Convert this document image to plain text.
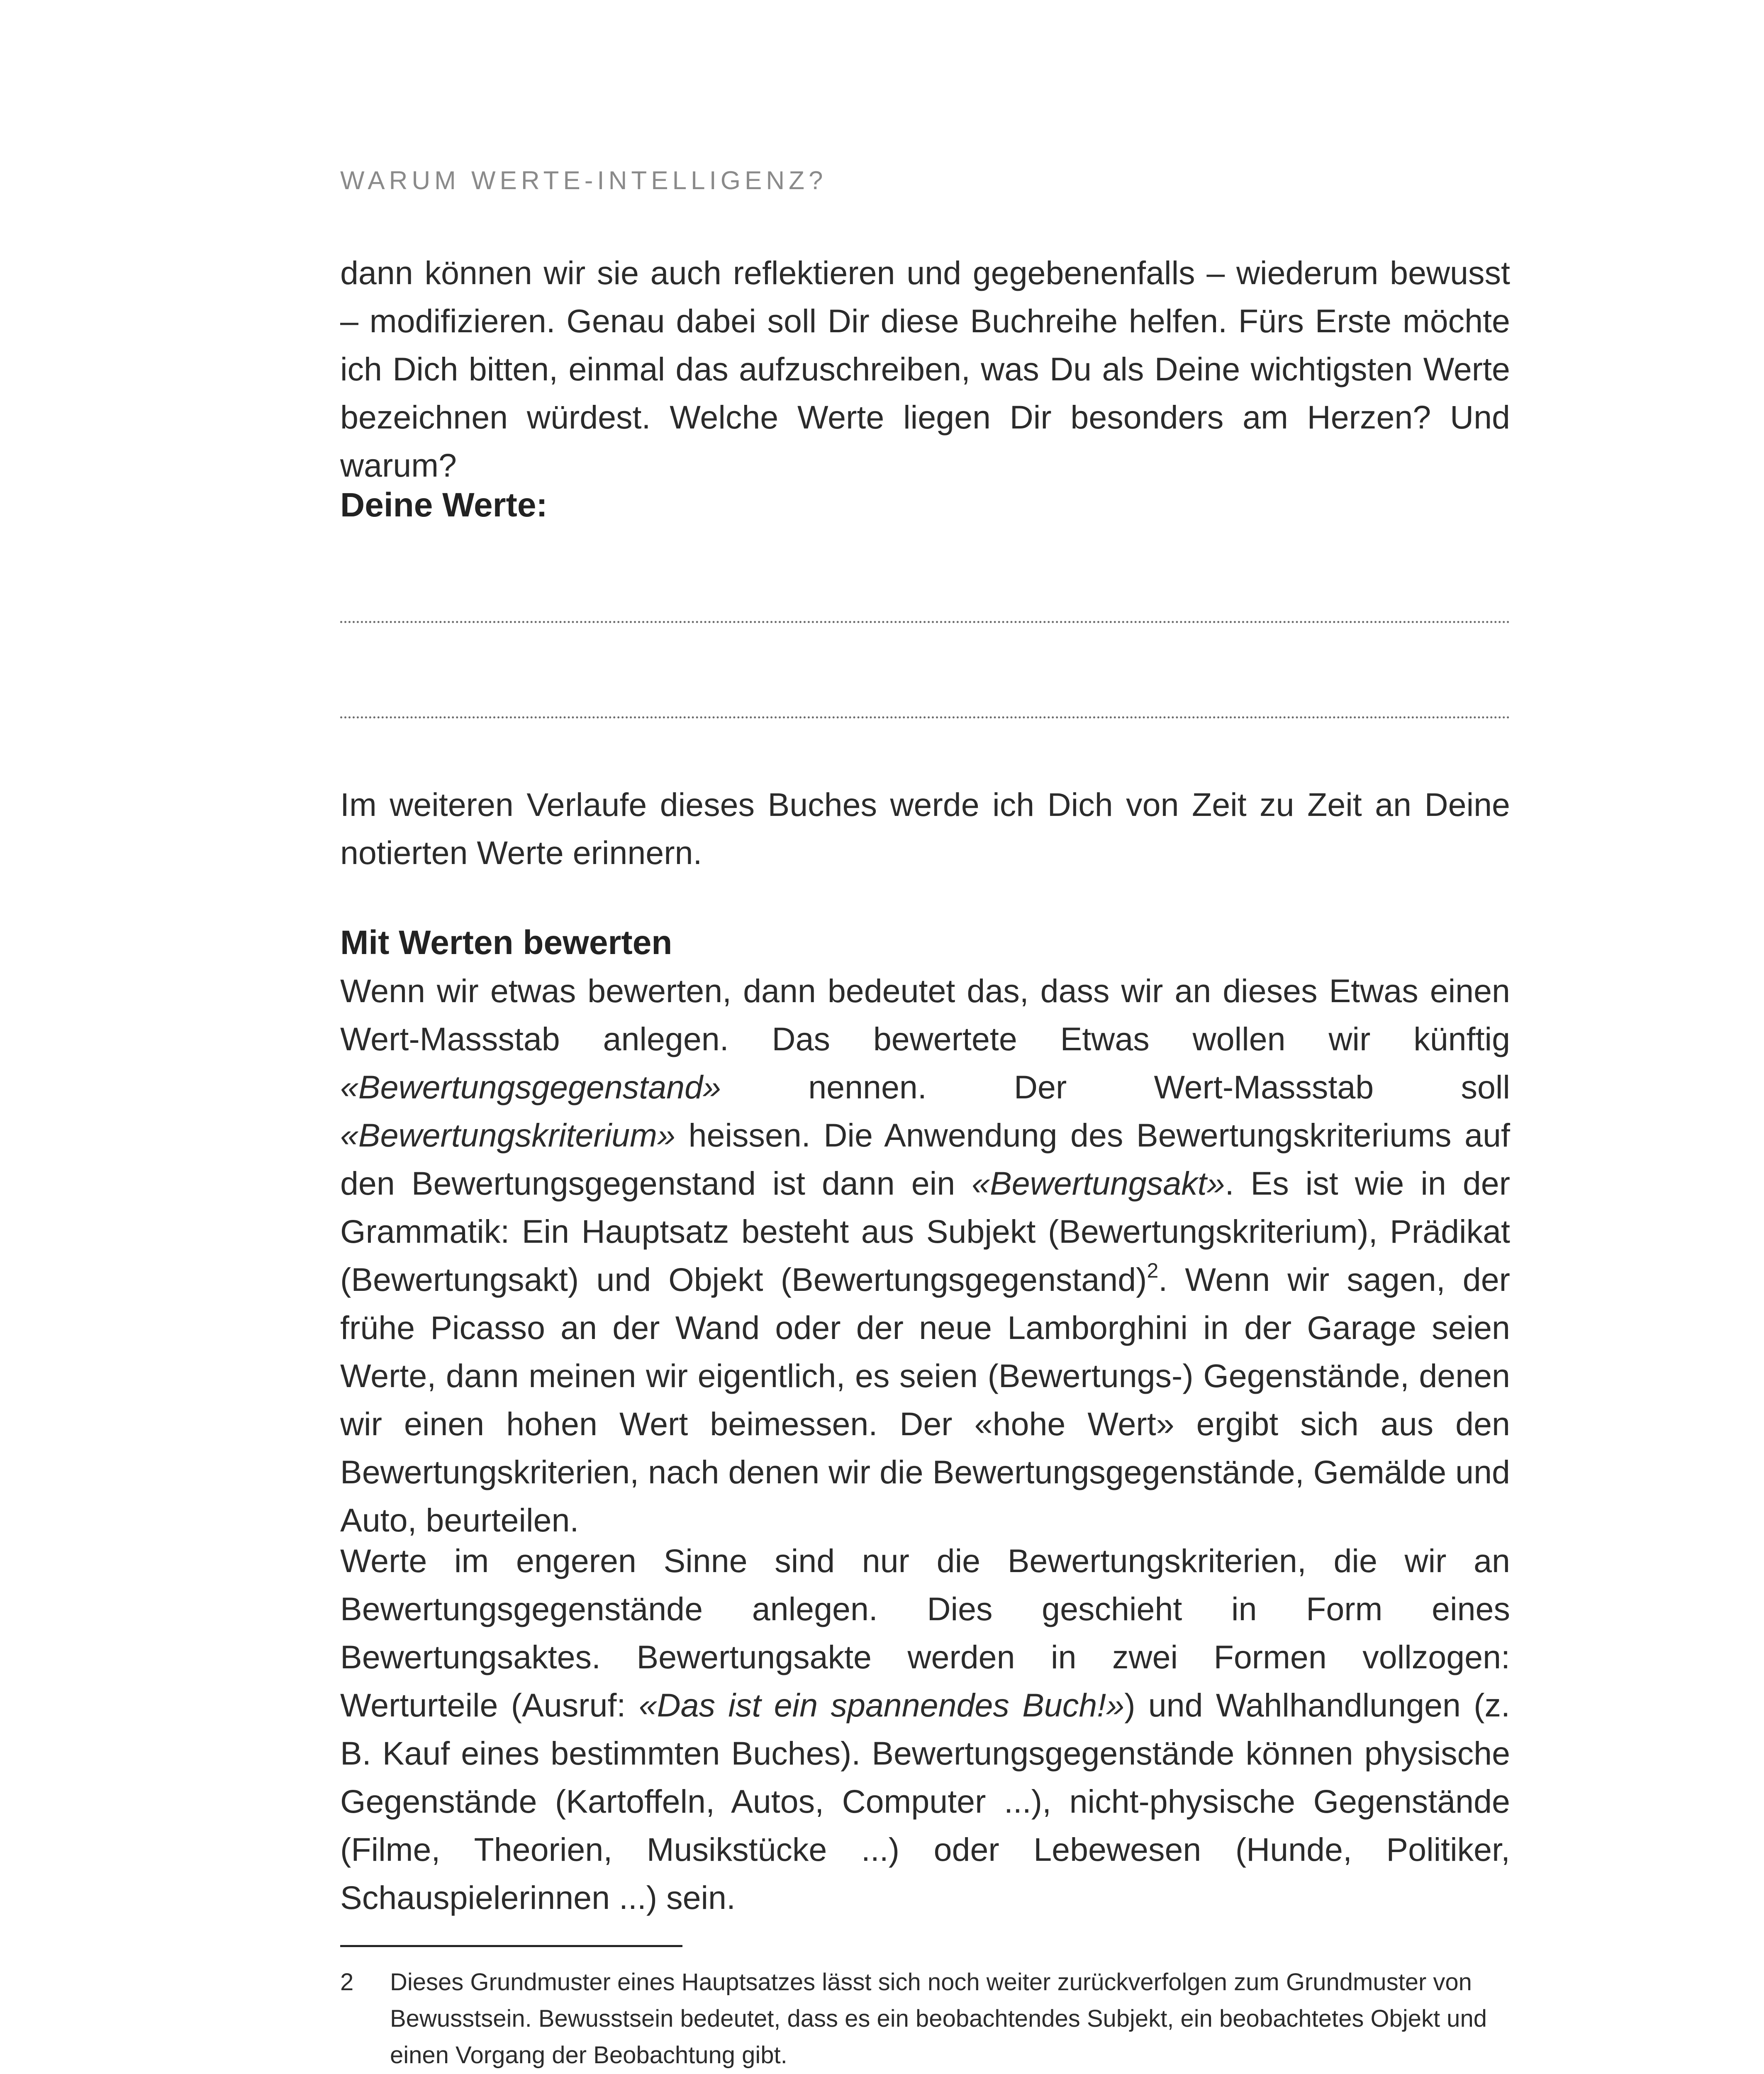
WARUM WERTE-INTELLIGENZ?

dann können wir sie auch reflektieren und gegebenenfalls – wiederum bewusst – modifizieren. Genau dabei soll Dir diese Buchreihe helfen. Fürs Erste möchte ich Dich bitten, einmal das aufzuschreiben, was Du als Deine wichtigsten Werte bezeichnen würdest. Welche Werte liegen Dir besonders am Herzen? Und warum?

Deine Werte:

Im weiteren Verlaufe dieses Buches werde ich Dich von Zeit zu Zeit an Deine notierten Werte erinnern.

Mit Werten bewerten

Wenn wir etwas bewerten, dann bedeutet das, dass wir an dieses Etwas einen Wert-Massstab anlegen. Das bewertete Etwas wollen wir künftig «Bewertungsgegenstand» nennen. Der Wert-Massstab soll «Bewertungskriterium» heissen. Die Anwendung des Bewertungskriteriums auf den Bewertungsgegenstand ist dann ein «Bewertungsakt». Es ist wie in der Grammatik: Ein Hauptsatz besteht aus Subjekt (Bewertungskriterium), Prädikat (Bewertungsakt) und Objekt (Bewertungsgegenstand)$^2$. Wenn wir sagen, der frühe Picasso an der Wand oder der neue Lamborghini in der Garage seien Werte, dann meinen wir eigentlich, es seien (Bewertungs-) Gegenstände, denen wir einen hohen Wert beimessen. Der «hohe Wert» ergibt sich aus den Bewertungskriterien, nach denen wir die Bewertungsgegenstände, Gemälde und Auto, beurteilen.

Werte im engeren Sinne sind nur die Bewertungskriterien, die wir an Bewertungsgegenstände anlegen. Dies geschieht in Form eines Bewertungsaktes. Bewertungsakte werden in zwei Formen vollzogen: Werturteile (Ausruf: «Das ist ein spannendes Buch!») und Wahlhandlungen (z. B. Kauf eines bestimmten Buches). Bewertungsgegenstände können physische Gegenstände (Kartoffeln, Autos, Computer ...), nicht-physische Gegenstände (Filme, Theorien, Musikstücke ...) oder Lebewesen (Hunde, Politiker, Schauspielerinnen ...) sein.

2 Dieses Grundmuster eines Hauptsatzes lässt sich noch weiter zurückverfolgen zum Grundmuster von Bewusstsein. Bewusstsein bedeutet, dass es ein beobachtendes Subjekt, ein beobachtetes Objekt und einen Vorgang der Beobachtung gibt.
